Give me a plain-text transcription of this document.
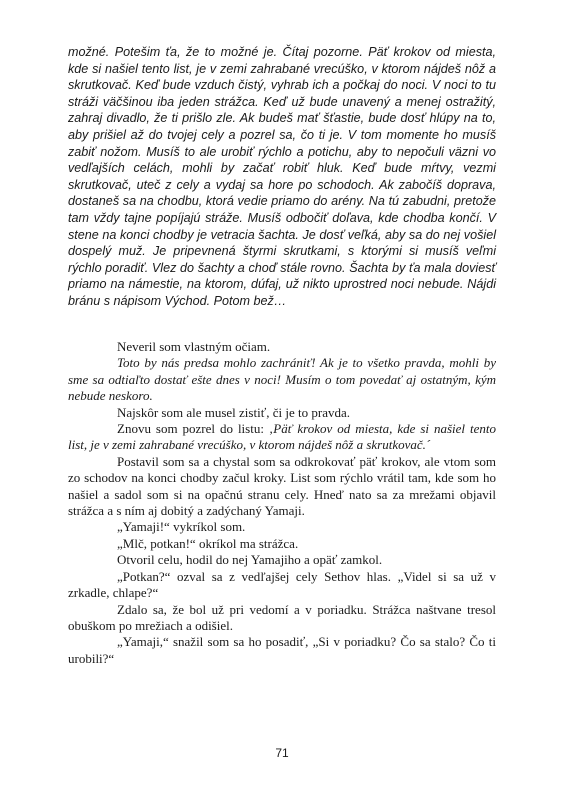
možné. Potešim ťa, že to možné je. Čítaj pozorne. Päť krokov od miesta, kde si našiel tento list, je v zemi zahrabané vrecúško, v ktorom nájdeš nôž a skrutkovač. Keď bude vzduch čistý, vyhrab ich a počkaj do noci. V noci to tu stráži väčšinou iba jeden strážca. Keď už bude unavený a menej ostražitý, zahraj divadlo, že ti prišlo zle. Ak budeš mať šťastie, bude dosť hlúpy na to, aby prišiel až do tvojej cely a pozrel sa, čo ti je. V tom momente ho musíš zabiť nožom. Musíš to ale urobiť rýchlo a potichu, aby to nepočuli väzni vo vedľajších celách, mohli by začať robiť hluk. Keď bude mŕtvy, vezmi skrutkovač, uteč z cely a vydaj sa hore po schodoch. Ak zabočíš doprava, dostaneš sa na chodbu, ktorá vedie priamo do arény. Na tú zabudni, pretože tam vždy tajne popíjajú stráže. Musíš odbočiť doľava, kde chodba končí. V stene na konci chodby je vetracia šachta. Je dosť veľká, aby sa do nej vošiel dospelý muž. Je pripevnená štyrmi skrutkami, s ktorými si musíš veľmi rýchlo poradiť. Vlez do šachty a choď stále rovno. Šachta by ťa mala doviesť priamo na námestie, na ktorom, dúfaj, už nikto uprostred noci nebude. Nájdi bránu s nápisom Východ. Potom bež…

Neveril som vlastným očiam.

Toto by nás predsa mohlo zachrániť! Ak je to všetko pravda, mohli by sme sa odtiaľto dostať ešte dnes v noci! Musím o tom povedať aj ostatným, kým nebude neskoro.

Najskôr som ale musel zistiť, či je to pravda.

Znovu som pozrel do listu: ‚Päť krokov od miesta, kde si našiel tento list, je v zemi zahrabané vrecúško, v ktorom nájdeš nôž a skrutkovač.´

Postavil som sa a chystal som sa odkrokovať päť krokov, ale vtom som zo schodov na konci chodby začul kroky. List som rýchlo vrátil tam, kde som ho našiel a sadol som si na opačnú stranu cely. Hneď nato sa za mrežami objavil strážca a s ním aj dobitý a zadýchaný Yamaji.

„Yamaji!“ vykríkol som.

„Mlč, potkan!“ okríkol ma strážca.

Otvoril celu, hodil do nej Yamajiho a opäť zamkol.

„Potkan?“ ozval sa z vedľajšej cely Sethov hlas. „Videl si sa už v zrkadle, chlape?“

Zdalo sa, že bol už pri vedomí a v poriadku. Strážca naštvane tresol obuškom po mrežiach a odišiel.

„Yamaji,“ snažil som sa ho posadiť, „Si v poriadku? Čo sa stalo? Čo ti urobili?“

71
